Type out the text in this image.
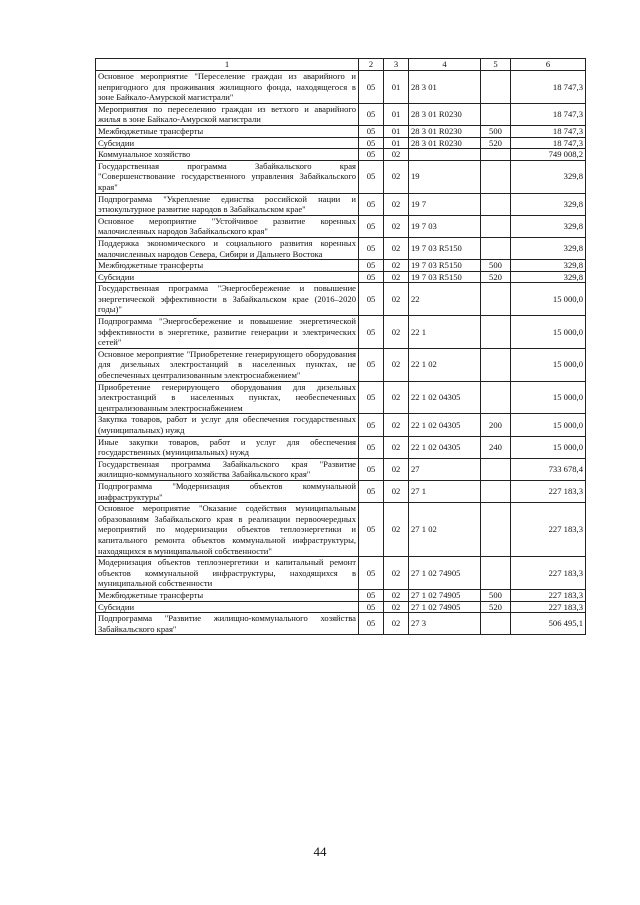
1	2	3	4	5	6
Основное мероприятие "Переселение граждан из аварийного и непригодного для проживания жилищного фонда, находящегося в зоне Байкало-Амурской магистрали"	05	01	28 3 01		18 747,3
Мероприятия по переселению граждан из ветхого и аварийного жилья в зоне Байкало-Амурской магистрали	05	01	28 3 01 R0230		18 747,3
Межбюджетные трансферты	05	01	28 3 01 R0230	500	18 747,3
Субсидии	05	01	28 3 01 R0230	520	18 747,3
Коммунальное хозяйство	05	02			749 008,2
Государственная программа Забайкальского края "Совершенствование государственного управления Забайкальского края"	05	02	19		329,8
Подпрограмма "Укрепление единства российской нации и этнокультурное развитие народов в Забайкальском крае"	05	02	19 7		329,8
Основное мероприятие "Устойчивое развитие коренных малочисленных народов Забайкальского края"	05	02	19 7 03		329,8
Поддержка экономического и социального развития коренных малочисленных народов Севера, Сибири и Дальнего Востока	05	02	19 7 03 R5150		329,8
Межбюджетные трансферты	05	02	19 7 03 R5150	500	329,8
Субсидии	05	02	19 7 03 R5150	520	329,8
Государственная программа "Энергосбережение и повышение энергетической эффективности в Забайкальском крае (2016–2020 годы)"	05	02	22		15 000,0
Подпрограмма "Энергосбережение и повышение энергетической эффективности в энергетике, развитие генерации и электрических сетей"	05	02	22 1		15 000,0
Основное мероприятие "Приобретение генерирующего оборудования для дизельных электростанций в населенных пунктах, не обеспеченных централизованным электроснабжением"	05	02	22 1 02		15 000,0
Приобретение генерирующего оборудования для дизельных электростанций в населенных пунктах, необеспеченных централизованным электроснабжением	05	02	22 1 02 04305		15 000,0
Закупка товаров, работ и услуг для обеспечения государственных (муниципальных) нужд	05	02	22 1 02 04305	200	15 000,0
Иные закупки товаров, работ и услуг для обеспечения государственных (муниципальных) нужд	05	02	22 1 02 04305	240	15 000,0
Государственная программа Забайкальского края "Развитие жилищно-коммунального хозяйства Забайкальского края"	05	02	27		733 678,4
Подпрограмма "Модернизация объектов коммунальной инфраструктуры"	05	02	27 1		227 183,3
Основное мероприятие "Оказание содействия муниципальным образованиям Забайкальского края в реализации первоочередных мероприятий по модернизации объектов теплоэнергетики и капитального ремонта объектов коммунальной инфраструктуры, находящихся в муниципальной собственности"	05	02	27 1 02		227 183,3
Модернизация объектов теплоэнергетики и капитальный ремонт объектов коммунальной инфраструктуры, находящихся в муниципальной собственности	05	02	27 1 02 74905		227 183,3
Межбюджетные трансферты	05	02	27 1 02 74905	500	227 183,3
Субсидии	05	02	27 1 02 74905	520	227 183,3
Подпрограмма "Развитие жилищно-коммунального хозяйства Забайкальского края"	05	02	27 3		506 495,1
44
